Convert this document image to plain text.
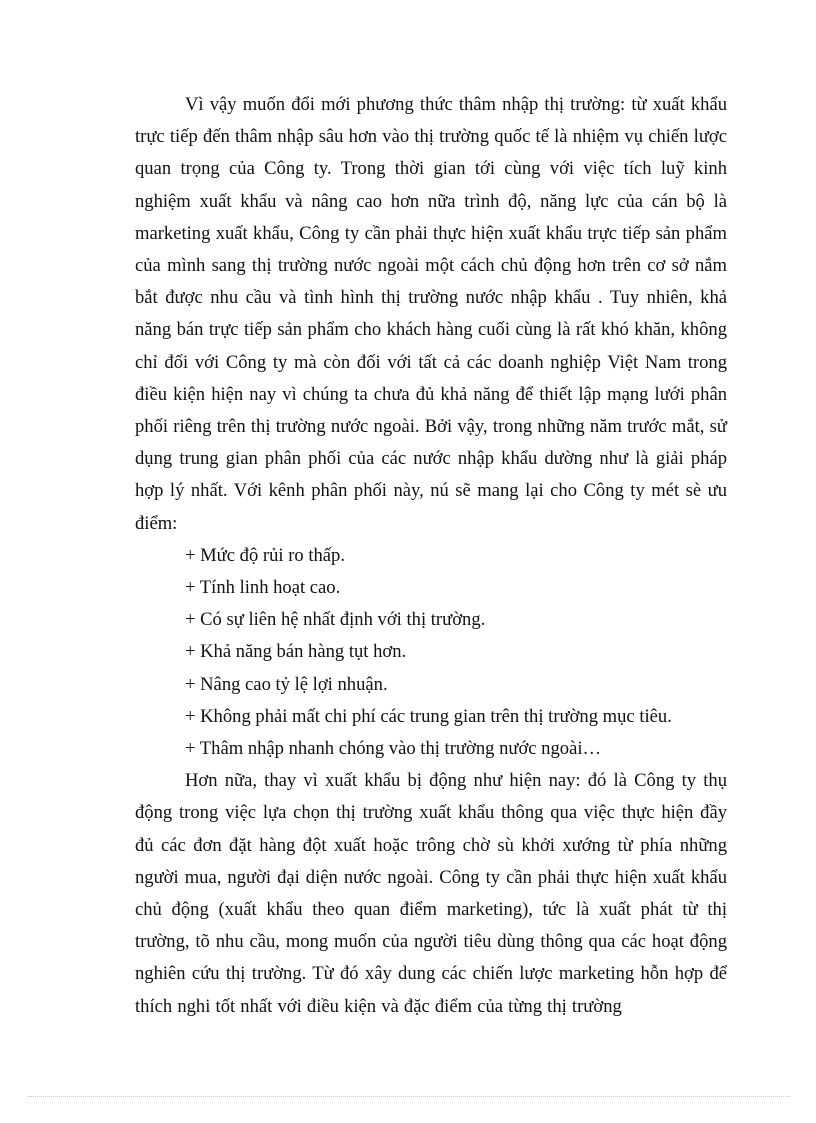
Vì vậy muốn đổi mới phương thức thâm nhập thị trường: từ xuất khẩu trực tiếp đến thâm nhập sâu hơn vào thị trường quốc tế là nhiệm vụ chiến lược quan trọng của Công ty. Trong thời gian tới cùng với việc tích luỹ kinh nghiệm xuất khẩu và nâng cao hơn nữa trình độ, năng lực của cán bộ là marketing xuất khẩu, Công ty cần phải thực hiện xuất khẩu trực tiếp sản phẩm của mình sang thị trường nước ngoài một cách chủ động hơn trên cơ sở nắm bắt được nhu cầu và tình hình thị trường nước nhập khẩu . Tuy nhiên, khả năng bán trực tiếp sản phẩm cho khách hàng cuối cùng là rất khó khăn, không chỉ đối với Công ty mà còn đối với tất cả các doanh nghiệp Việt Nam trong điều kiện hiện nay vì chúng ta chưa đủ khả năng để thiết lập mạng lưới phân phối riêng trên thị trường nước ngoài. Bởi vậy, trong những năm trước mắt, sử dụng trung gian phân phối của các nước nhập khẩu dường như là giải pháp hợp lý nhất. Với kênh phân phối này, nú sẽ mang lại cho Công ty mét sè ưu điểm:

+ Mức độ rủi ro thấp.
+ Tính linh hoạt cao.
+ Có sự liên hệ nhất định với thị trường.
+ Khả năng bán hàng tụt hơn.
+ Nâng cao tỷ lệ lợi nhuận.
+ Không phải mất chi phí các trung gian trên thị trường mục tiêu.
+ Thâm nhập nhanh chóng vào thị trường nước ngoài…

Hơn nữa, thay vì xuất khẩu bị động như hiện nay: đó là Công ty thụ động trong việc lựa chọn thị trường xuất khẩu thông qua việc thực hiện đầy đủ các đơn đặt hàng đột xuất hoặc trông chờ sù khởi xướng từ phía những người mua, người đại diện nước ngoài. Công ty cần phải thực hiện xuất khẩu chủ động (xuất khẩu theo quan điểm marketing), tức là xuất phát từ thị trường, tõ nhu cầu, mong muốn của người tiêu dùng thông qua các hoạt động nghiên cứu thị trường. Từ đó xây dung các chiến lược marketing hỗn hợp để thích nghi tốt nhất với điều kiện và đặc điểm của từng thị trường
